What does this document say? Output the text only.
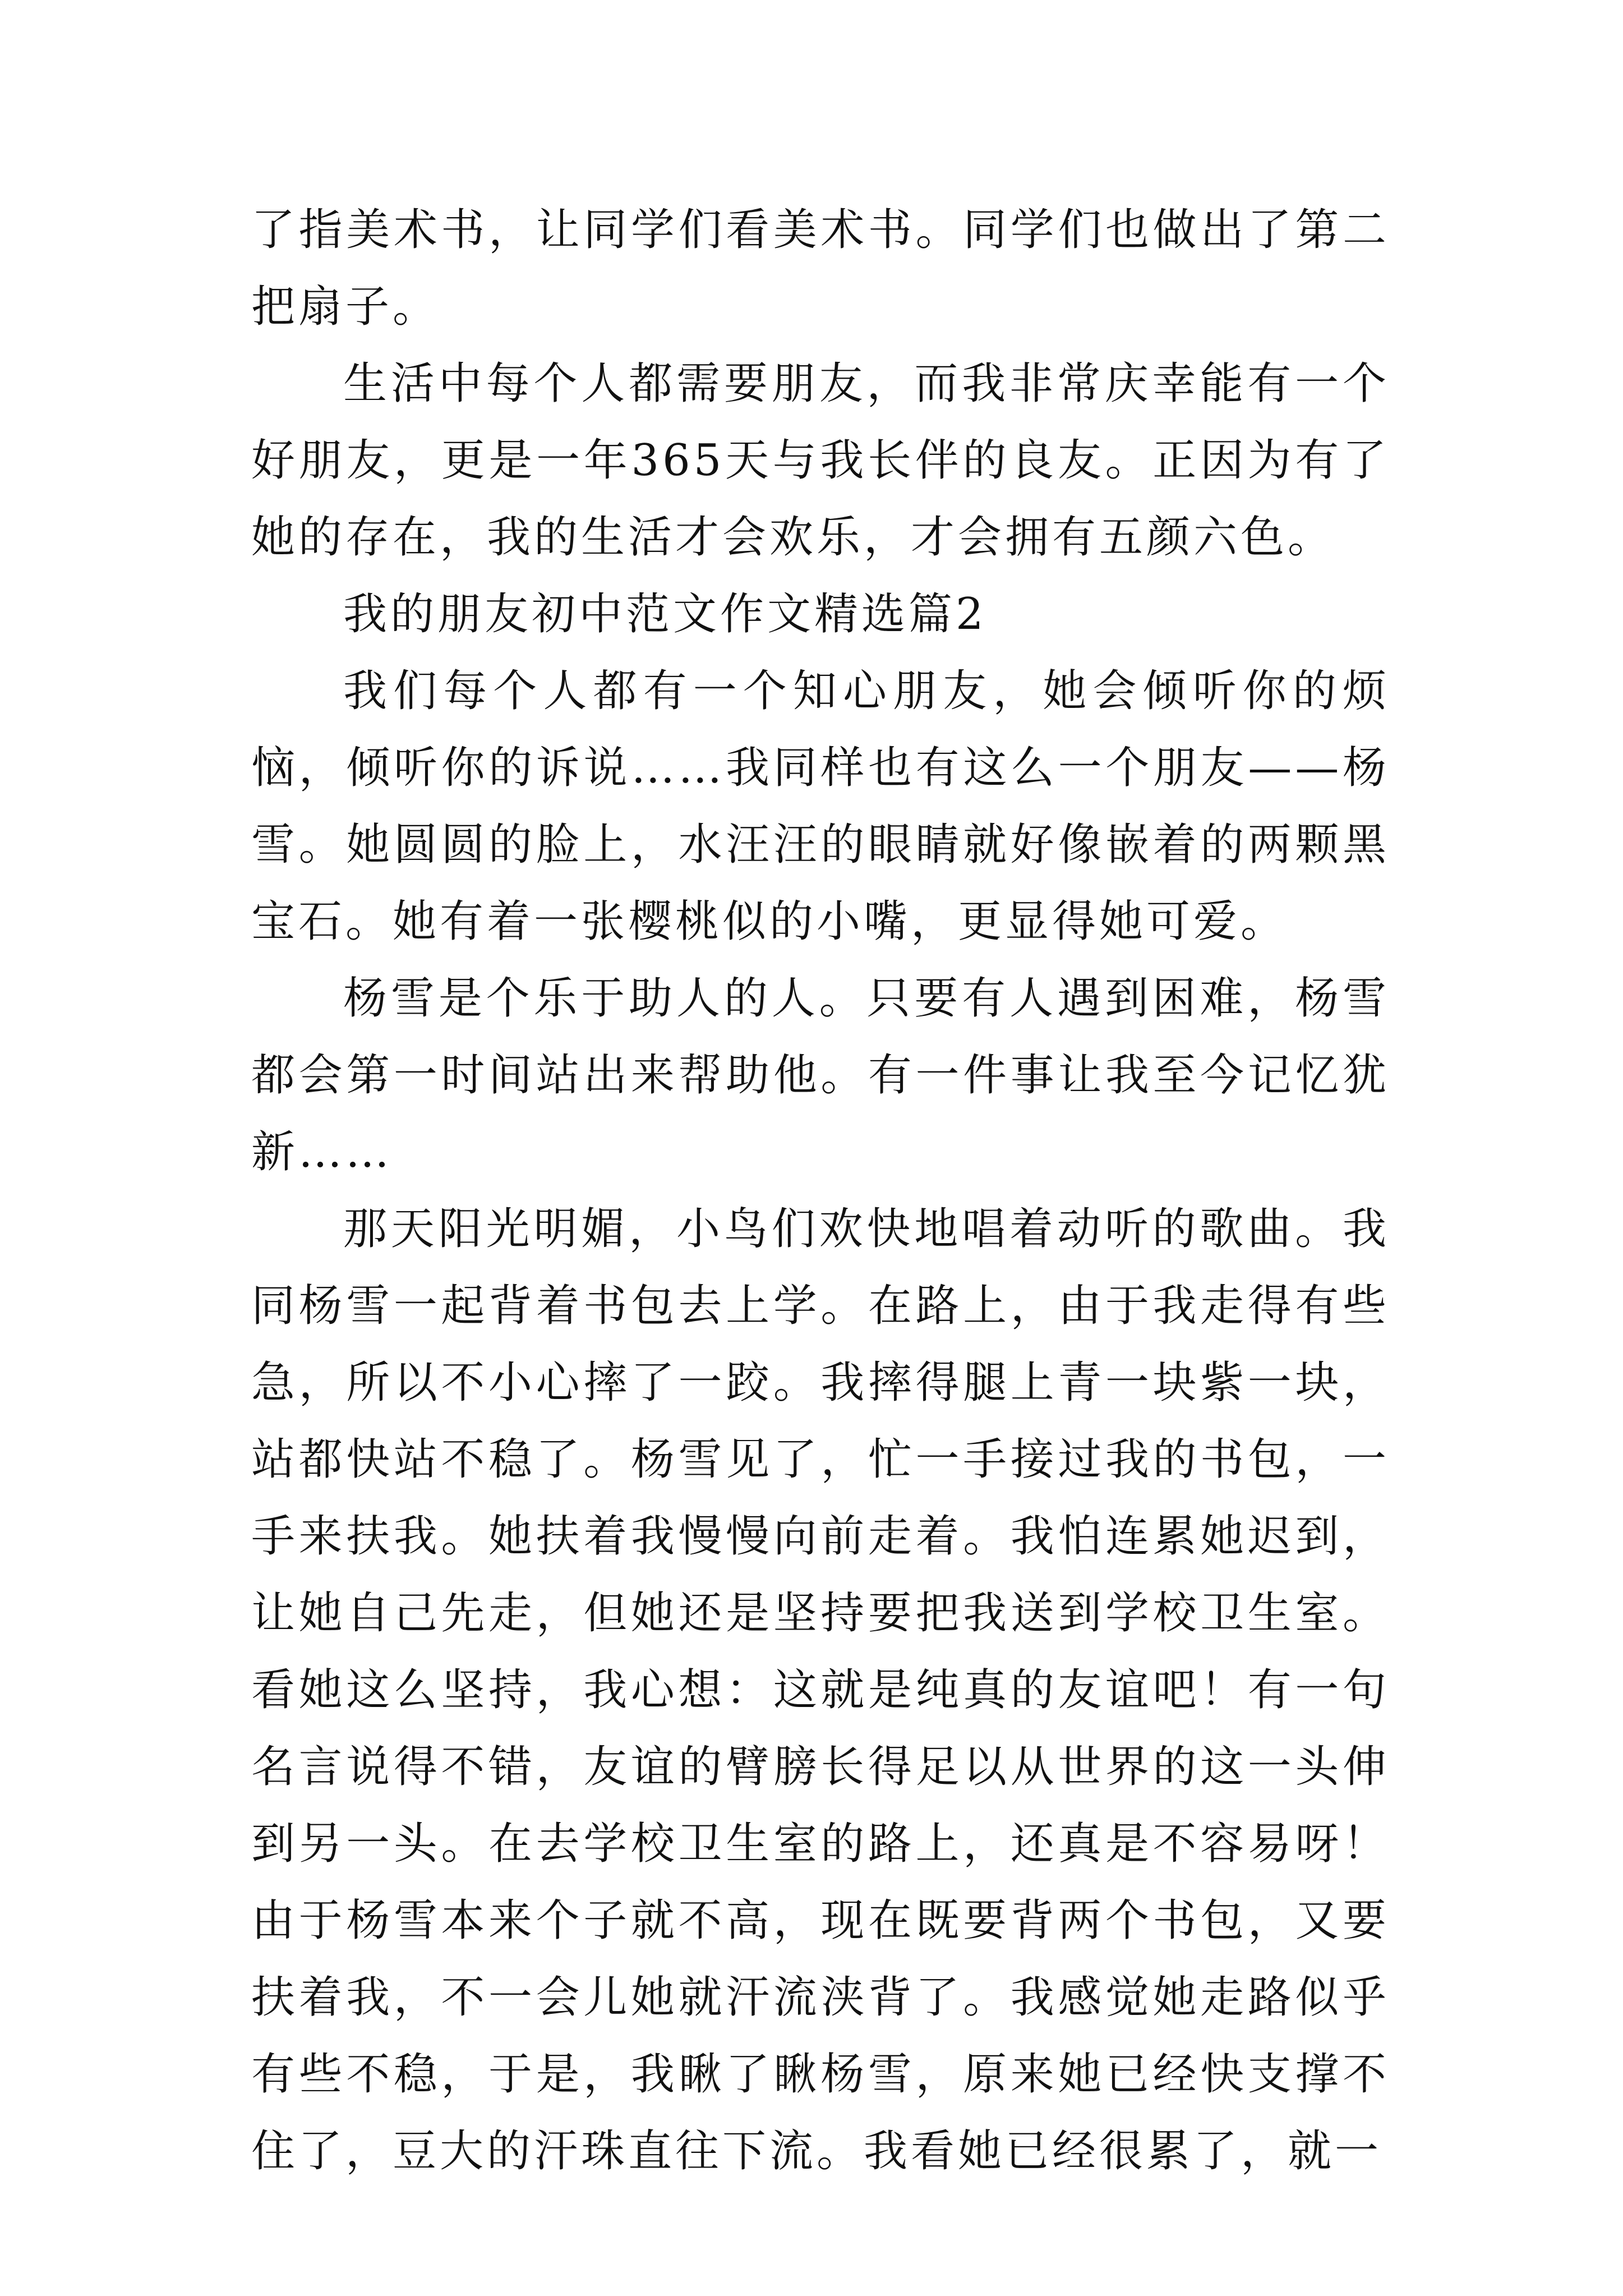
了指美术书，让同学们看美术书。同学们也做出了第二把扇子。

生活中每个人都需要朋友，而我非常庆幸能有一个好朋友，更是一年365天与我长伴的良友。正因为有了她的存在，我的生活才会欢乐，才会拥有五颜六色。

我的朋友初中范文作文精选篇2

我们每个人都有一个知心朋友，她会倾听你的烦恼，倾听你的诉说……我同样也有这么一个朋友——杨雪。她圆圆的脸上，水汪汪的眼睛就好像嵌着的两颗黑宝石。她有着一张樱桃似的小嘴，更显得她可爱。

杨雪是个乐于助人的人。只要有人遇到困难，杨雪都会第一时间站出来帮助他。有一件事让我至今记忆犹新……

那天阳光明媚，小鸟们欢快地唱着动听的歌曲。我同杨雪一起背着书包去上学。在路上，由于我走得有些急，所以不小心摔了一跤。我摔得腿上青一块紫一块，站都快站不稳了。杨雪见了，忙一手接过我的书包，一手来扶我。她扶着我慢慢向前走着。我怕连累她迟到，让她自己先走，但她还是坚持要把我送到学校卫生室。看她这么坚持，我心想：这就是纯真的友谊吧！有一句名言说得不错，友谊的臂膀长得足以从世界的这一头伸到另一头。在去学校卫生室的路上，还真是不容易呀！由于杨雪本来个子就不高，现在既要背两个书包，又要扶着我，不一会儿她就汗流浃背了。我感觉她走路似乎有些不稳，于是，我瞅了瞅杨雪，原来她已经快支撑不住了，豆大的汗珠直往下流。我看她已经很累了，就一
